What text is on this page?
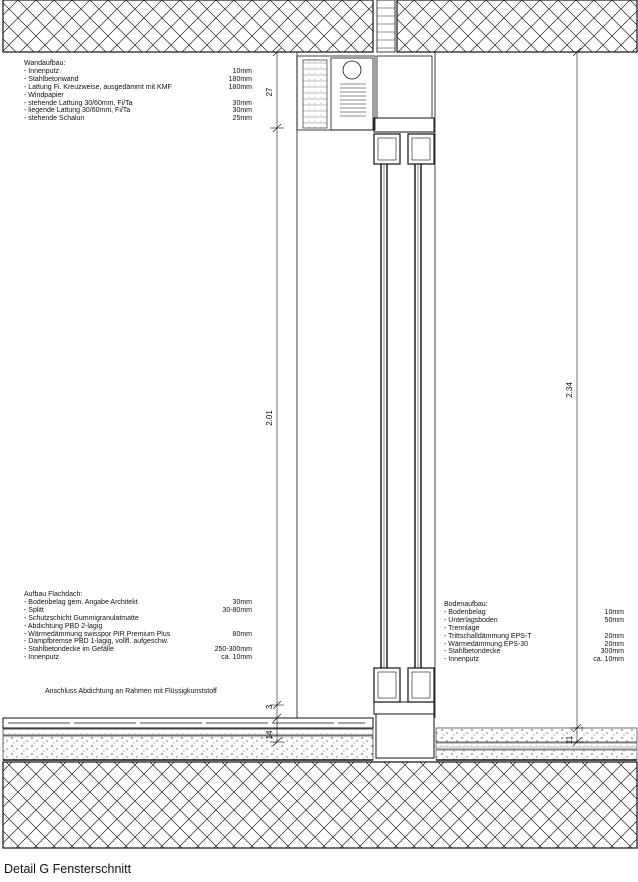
27
2.01
3
14
2.34
11
Wandaufbau:
- Innenputz	10mm
- Stahlbetonwand	180mm
- Lattung Fi. Kreuzweise, ausgedämmt mit KMF	180mm
- Windpapier
- stehende Lattung 30/60mm, Fi/Ta	30mm
- liegende Lattung 30/60mm, Fi/Ta	30mm
- stehende Schalun	25mm
Aufbau Flachdach:
- Bodenbelag gem. Angabe Architekt	30mm
- Splitt	30-80mm
- Schutzschicht Gummigranulatmatte
- Abdichtung PBD 2-lagig
- Wärmedämmung swisspor PIR Premium Plus	80mm
- Dampfbremse PBD 1-lagig, vollfl. aufgeschw.
- Stahlbetondecke im Gefälle	250-300mm
- Innenputz	ca. 10mm
Bodenaufbau:
- Bodenbelag	10mm
- Unterlagsboden	50mm
- Trennlage
- Trittschalldämmung EPS-T	20mm
- Wärmedämmung EPS-30	20mm
- Stahlbetondecke	300mm
- Innenputz	ca. 10mm
Anschluss Abdichtung an Rahmen mit Flüssigkunststoff
Detail G Fensterschnitt
